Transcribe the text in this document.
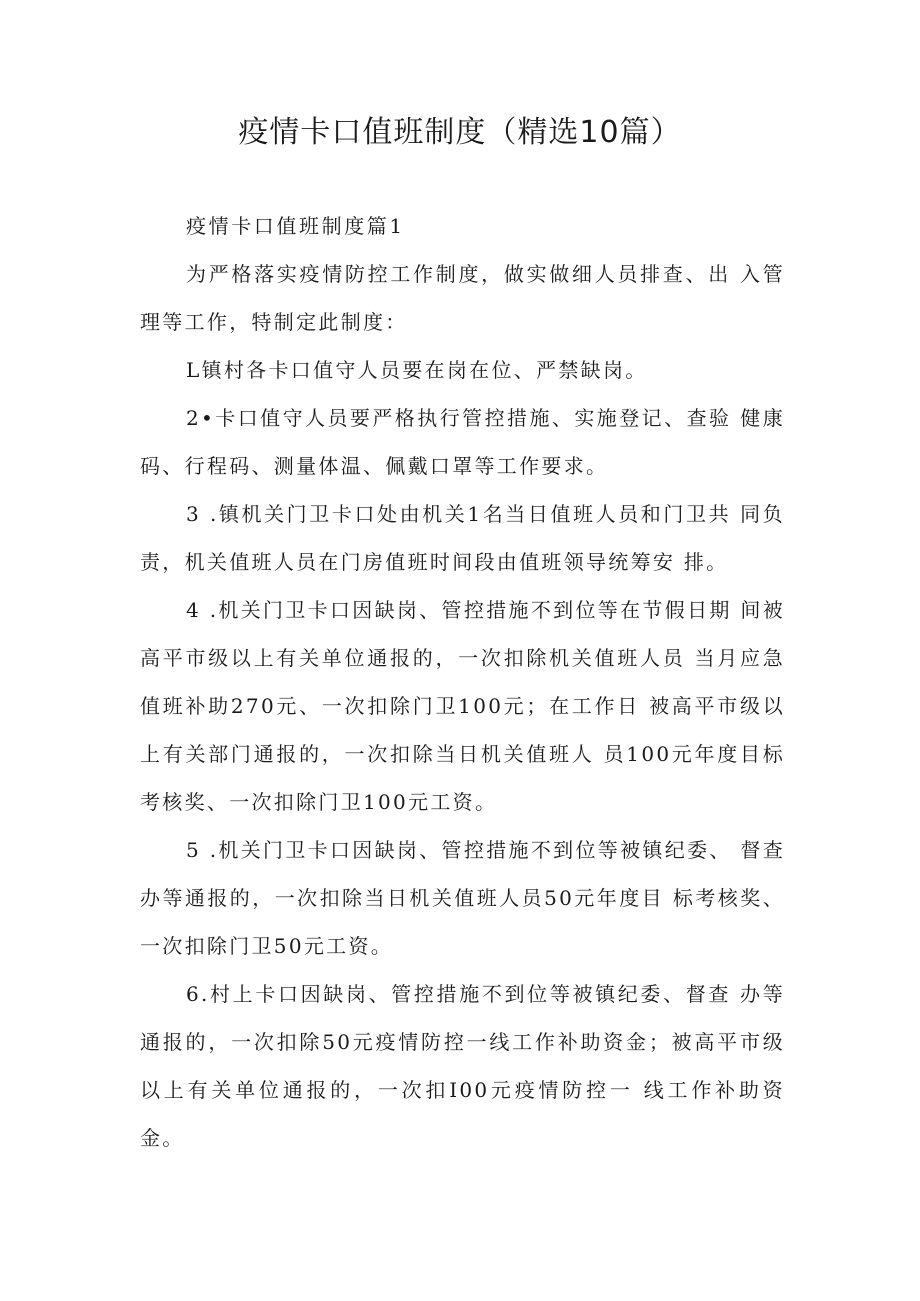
疫情卡口值班制度（精选10篇）

疫情卡口值班制度篇1

为严格落实疫情防控工作制度，做实做细人员排查、出 入管理等工作，特制定此制度：

L镇村各卡口值守人员要在岗在位、严禁缺岗。

2•卡口值守人员要严格执行管控措施、实施登记、查验 健康码、行程码、测量体温、佩戴口罩等工作要求。

3 .镇机关门卫卡口处由机关1名当日值班人员和门卫共 同负责，机关值班人员在门房值班时间段由值班领导统筹安 排。

4 .机关门卫卡口因缺岗、管控措施不到位等在节假日期 间被高平市级以上有关单位通报的，一次扣除机关值班人员 当月应急值班补助270元、一次扣除门卫100元；在工作日 被高平市级以上有关部门通报的，一次扣除当日机关值班人 员100元年度目标考核奖、一次扣除门卫100元工资。

5 .机关门卫卡口因缺岗、管控措施不到位等被镇纪委、 督查办等通报的，一次扣除当日机关值班人员50元年度目 标考核奖、一次扣除门卫50元工资。

6.村上卡口因缺岗、管控措施不到位等被镇纪委、督查 办等通报的，一次扣除50元疫情防控一线工作补助资金；被高平市级以上有关单位通报的，一次扣I00元疫情防控一 线工作补助资金。
